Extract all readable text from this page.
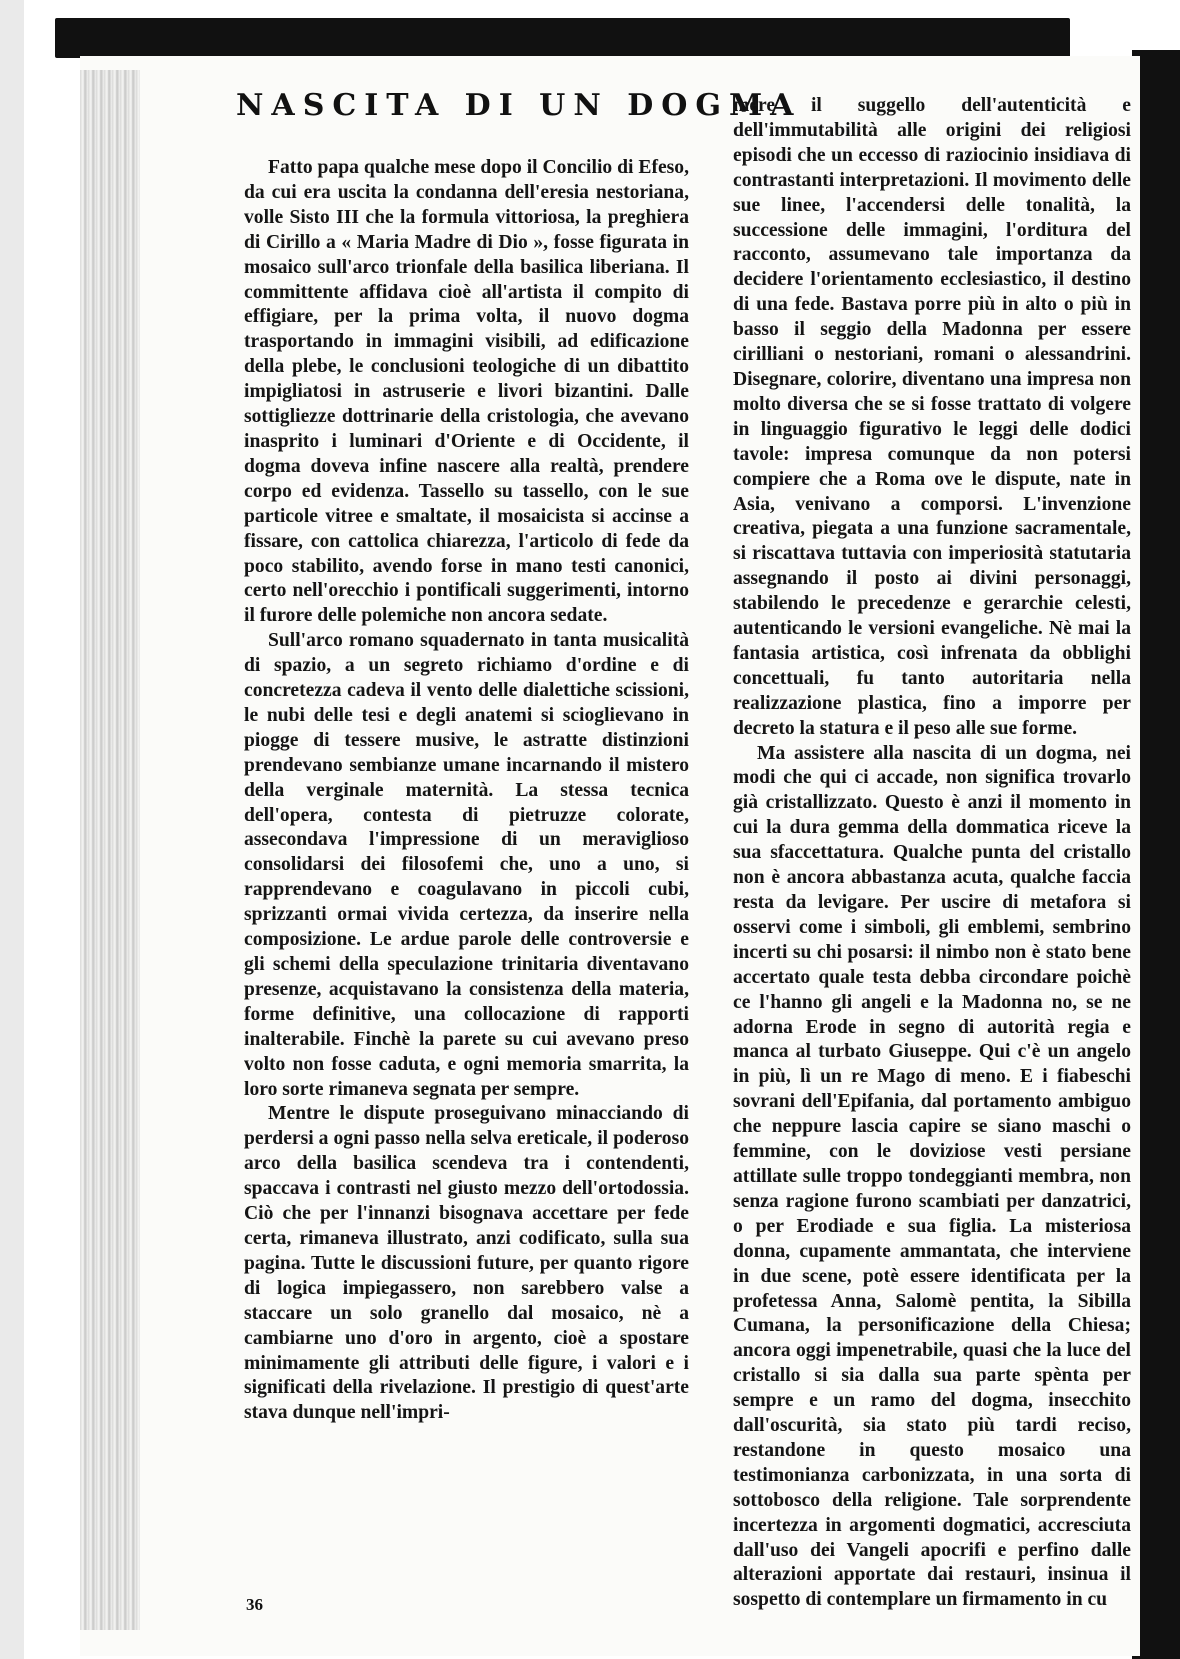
NASCITA DI UN DOGMA

Fatto papa qualche mese dopo il Concilio di Efeso, da cui era uscita la condanna dell'eresia nestoriana, volle Sisto III che la formula vittoriosa, la preghiera di Cirillo a « Maria Madre di Dio », fosse figurata in mosaico sull'arco trionfale della basilica liberiana. Il committente affidava cioè all'artista il compito di effigiare, per la prima volta, il nuovo dogma trasportando in immagini visibili, ad edificazione della plebe, le conclusioni teologiche di un dibattito impigliatosi in astruserie e livori bizantini. Dalle sottigliezze dottrinarie della cristologia, che avevano inasprito i luminari d'Oriente e di Occidente, il dogma doveva infine nascere alla realtà, prendere corpo ed evidenza. Tassello su tassello, con le sue particole vitree e smaltate, il mosaicista si accinse a fissare, con cattolica chiarezza, l'articolo di fede da poco stabilito, avendo forse in mano testi canonici, certo nell'orecchio i pontificali suggerimenti, intorno il furore delle polemiche non ancora sedate.

Sull'arco romano squadernato in tanta musicalità di spazio, a un segreto richiamo d'ordine e di concretezza cadeva il vento delle dialettiche scissioni, le nubi delle tesi e degli anatemi si scioglievano in piogge di tessere musive, le astratte distinzioni prendevano sembianze umane incarnando il mistero della verginale maternità. La stessa tecnica dell'opera, contesta di pietruzze colorate, assecondava l'impressione di un meraviglioso consolidarsi dei filosofemi che, uno a uno, si rapprendevano e coagulavano in piccoli cubi, sprizzanti ormai vivida certezza, da inserire nella composizione. Le ardue parole delle controversie e gli schemi della speculazione trinitaria diventavano presenze, acquistavano la consistenza della materia, forme definitive, una collocazione di rapporti inalterabile. Finchè la parete su cui avevano preso volto non fosse caduta, e ogni memoria smarrita, la loro sorte rimaneva segnata per sempre.

Mentre le dispute proseguivano minacciando di perdersi a ogni passo nella selva ereticale, il poderoso arco della basilica scendeva tra i contendenti, spaccava i contrasti nel giusto mezzo dell'ortodossia. Ciò che per l'innanzi bisognava accettare per fede certa, rimaneva illustrato, anzi codificato, sulla sua pagina. Tutte le discussioni future, per quanto rigore di logica impiegassero, non sarebbero valse a staccare un solo granello dal mosaico, nè a cambiarne uno d'oro in argento, cioè a spostare minimamente gli attributi delle figure, i valori e i significati della rivelazione. Il prestigio di quest'arte stava dunque nell'impri-

mere il suggello dell'autenticità e dell'immutabilità alle origini dei religiosi episodi che un eccesso di raziocinio insidiava di contrastanti interpretazioni. Il movimento delle sue linee, l'accendersi delle tonalità, la successione delle immagini, l'orditura del racconto, assumevano tale importanza da decidere l'orientamento ecclesiastico, il destino di una fede. Bastava porre più in alto o più in basso il seggio della Madonna per essere cirilliani o nestoriani, romani o alessandrini. Disegnare, colorire, diventano una impresa non molto diversa che se si fosse trattato di volgere in linguaggio figurativo le leggi delle dodici tavole: impresa comunque da non potersi compiere che a Roma ove le dispute, nate in Asia, venivano a comporsi. L'invenzione creativa, piegata a una funzione sacramentale, si riscattava tuttavia con imperiosità statutaria assegnando il posto ai divini personaggi, stabilendo le precedenze e gerarchie celesti, autenticando le versioni evangeliche. Nè mai la fantasia artistica, così infrenata da obblighi concettuali, fu tanto autoritaria nella realizzazione plastica, fino a imporre per decreto la statura e il peso alle sue forme.

Ma assistere alla nascita di un dogma, nei modi che qui ci accade, non significa trovarlo già cristallizzato. Questo è anzi il momento in cui la dura gemma della dommatica riceve la sua sfaccettatura. Qualche punta del cristallo non è ancora abbastanza acuta, qualche faccia resta da levigare. Per uscire di metafora si osservi come i simboli, gli emblemi, sembrino incerti su chi posarsi: il nimbo non è stato bene accertato quale testa debba circondare poichè ce l'hanno gli angeli e la Madonna no, se ne adorna Erode in segno di autorità regia e manca al turbato Giuseppe. Qui c'è un angelo in più, lì un re Mago di meno. E i fiabeschi sovrani dell'Epifania, dal portamento ambiguo che neppure lascia capire se siano maschi o femmine, con le doviziose vesti persiane attillate sulle troppo tondeggianti membra, non senza ragione furono scambiati per danzatrici, o per Erodiade e sua figlia. La misteriosa donna, cupamente ammantata, che interviene in due scene, potè essere identificata per la profetessa Anna, Salomè pentita, la Sibilla Cumana, la personificazione della Chiesa; ancora oggi impenetrabile, quasi che la luce del cristallo si sia dalla sua parte spènta per sempre e un ramo del dogma, insecchito dall'oscurità, sia stato più tardi reciso, restandone in questo mosaico una testimonianza carbonizzata, in una sorta di sottobosco della religione. Tale sorprendente incertezza in argomenti dogmatici, accresciuta dall'uso dei Vangeli apocrifi e perfino dalle alterazioni apportate dai restauri, insinua il sospetto di contemplare un firmamento in cu

36
